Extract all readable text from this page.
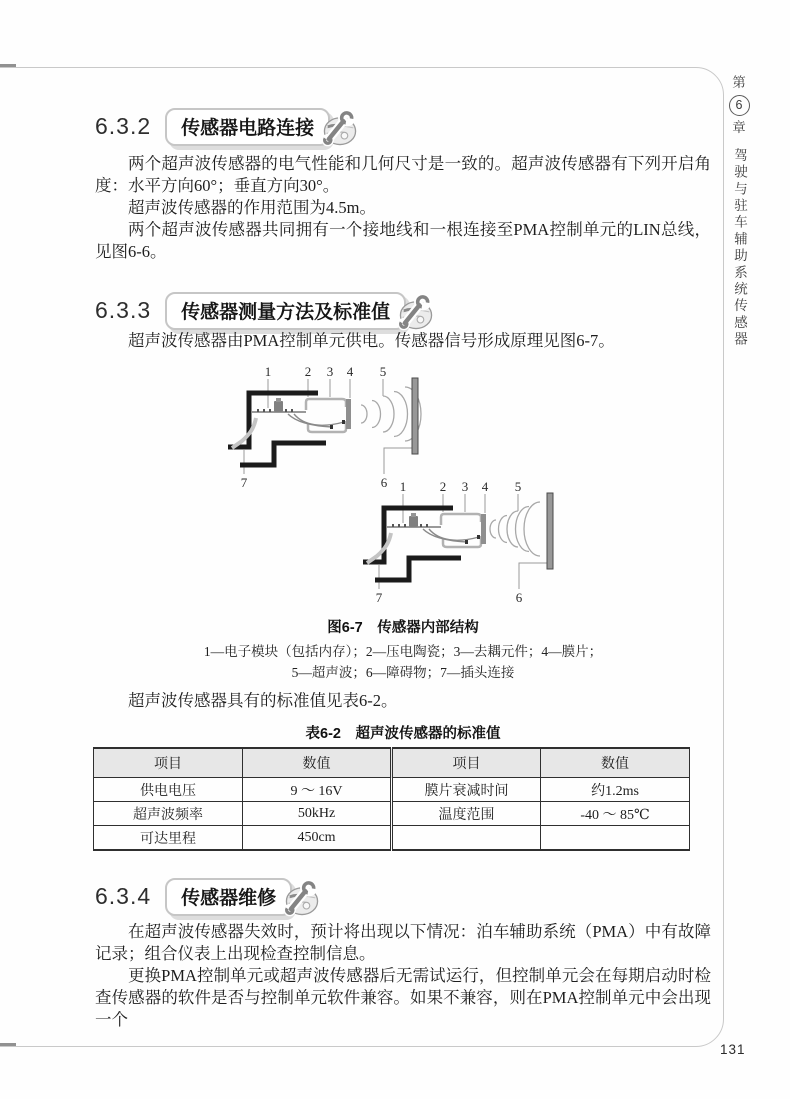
第
6
章
驾驶与驻车辅助系统传感器
6.3.2	传感器电路连接

两个超声波传感器的电气性能和几何尺寸是一致的。超声波传感器有下列开启角度：水平方向60°；垂直方向30°。

超声波传感器的作用范围为4.5m。

两个超声波传感器共同拥有一个接地线和一根连接至PMA控制单元的LIN总线，见图6-6。

6.3.3	传感器测量方法及标准值

超声波传感器由PMA控制单元供电。传感器信号形成原理见图6-7。

图6-7　传感器内部结构
1—电子模块（包括内存）；2—压电陶瓷；3—去耦元件；4—膜片；
5—超声波；6—障碍物；7—插头连接

超声波传感器具有的标准值见表6-2。

表6-2　超声波传感器的标准值
项目	数值	项目	数值
供电电压	9 ～ 16V	膜片衰减时间	约1.2ms
超声波频率	50kHz	温度范围	-40 ～ 85℃
可达里程	450cm		
6.3.4	传感器维修

在超声波传感器失效时，预计将出现以下情况：泊车辅助系统（PMA）中有故障记录；组合仪表上出现检查控制信息。

更换PMA控制单元或超声波传感器后无需试运行，但控制单元会在每期启动时检查传感器的软件是否与控制单元软件兼容。如果不兼容，则在PMA控制单元中会出现一个

131
